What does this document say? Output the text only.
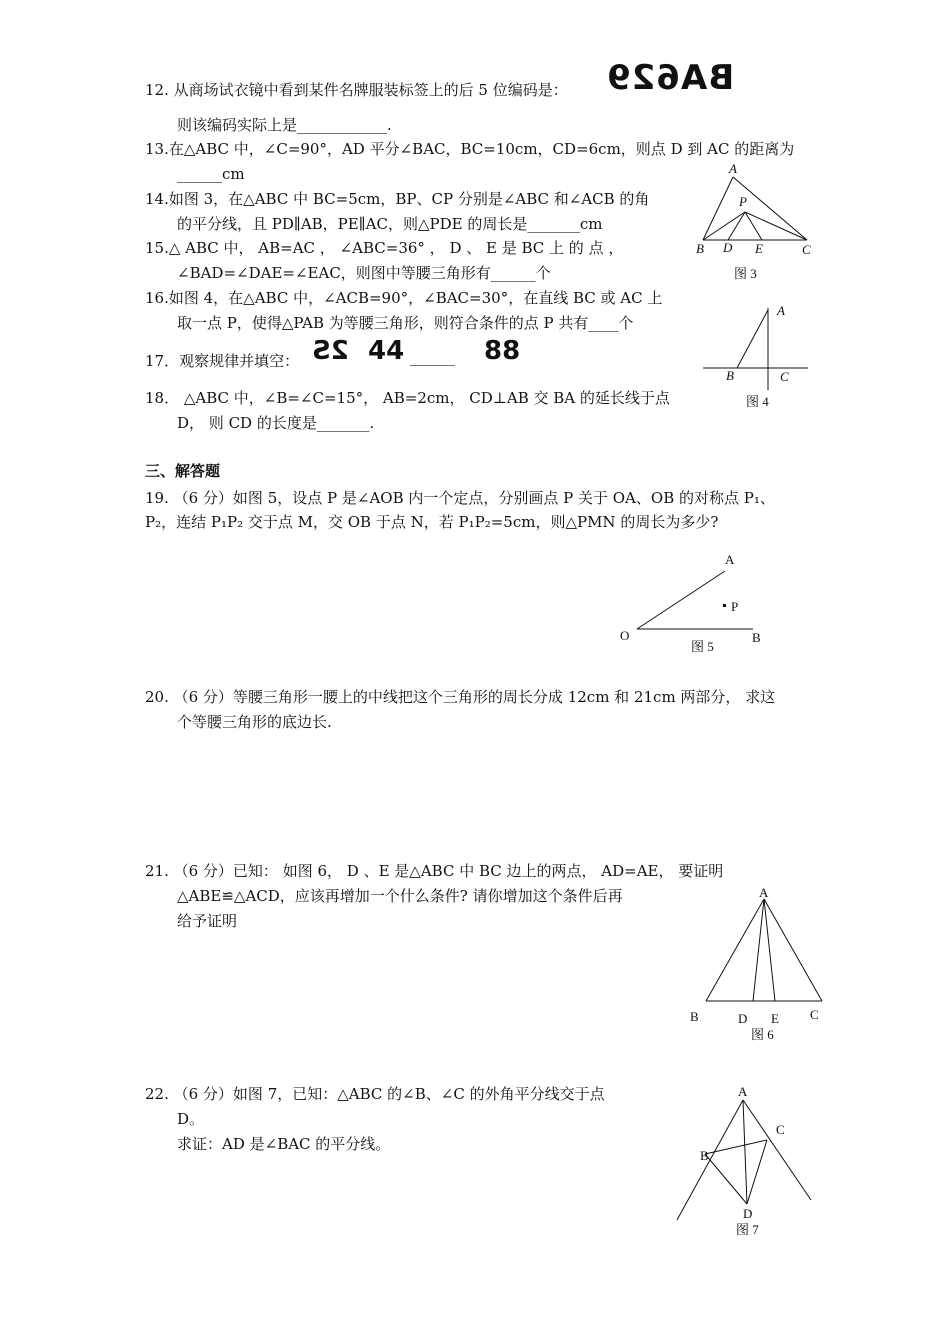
12. 从商场试衣镜中看到某件名牌服装标签上的后 5 位编码是： BA629
则该编码实际上是____________.
13.在△ABC 中，∠C=90°，AD 平分∠BAC，BC=10cm，CD=6cm，则点 D 到 AC 的距离为
______cm
14.如图 3，在△ABC 中 BC=5cm，BP、CP 分别是∠ABC 和∠ACB 的角
的平分线，且 PD∥AB，PE∥AC，则△PDE 的周长是_______cm
15.△ ABC 中， AB=AC ， ∠ABC=36° ， D 、 E 是 BC 上 的 点 ，
∠BAD=∠DAE=∠EAC，则图中等腰三角形有______个
16.如图 4，在△ABC 中，∠ACB=90°，∠BAC=30°，在直线 BC 或 AC 上
取一点 P，使得△PAB 为等腰三角形，则符合条件的点 P 共有____个
17．观察规律并填空： 2S 44 ______ 88
18． △ABC 中，∠B=∠C=15°， AB=2cm， CD⊥AB 交 BA 的延长线于点
D， 则 CD 的长度是_______.
三、解答题
19. （6 分）如图 5，设点 P 是∠AOB 内一个定点，分别画点 P 关于 OA、OB 的对称点 P₁、
P₂，连结 P₁P₂ 交于点 M，交 OB 于点 N，若 P₁P₂=5cm，则△PMN 的周长为多少?
20. （6 分）等腰三角形一腰上的中线把这个三角形的周长分成 12cm 和 21cm 两部分， 求这
个等腰三角形的底边长.
21. （6 分）已知： 如图 6， D 、E 是△ABC 中 BC 边上的两点， AD=AE， 要证明
△ABE≌△ACD，应该再增加一个什么条件? 请你增加这个条件后再
给予证明
22. （6 分）如图 7，已知：△ABC 的∠B、∠C 的外角平分线交于点
D。
求证：AD 是∠BAC 的平分线。
A
P
B D E	C
图 3
A
B	C
图 4
A
P
O	B
图 5
A
B	D E C
图 6
A
B
C
D
图 7
